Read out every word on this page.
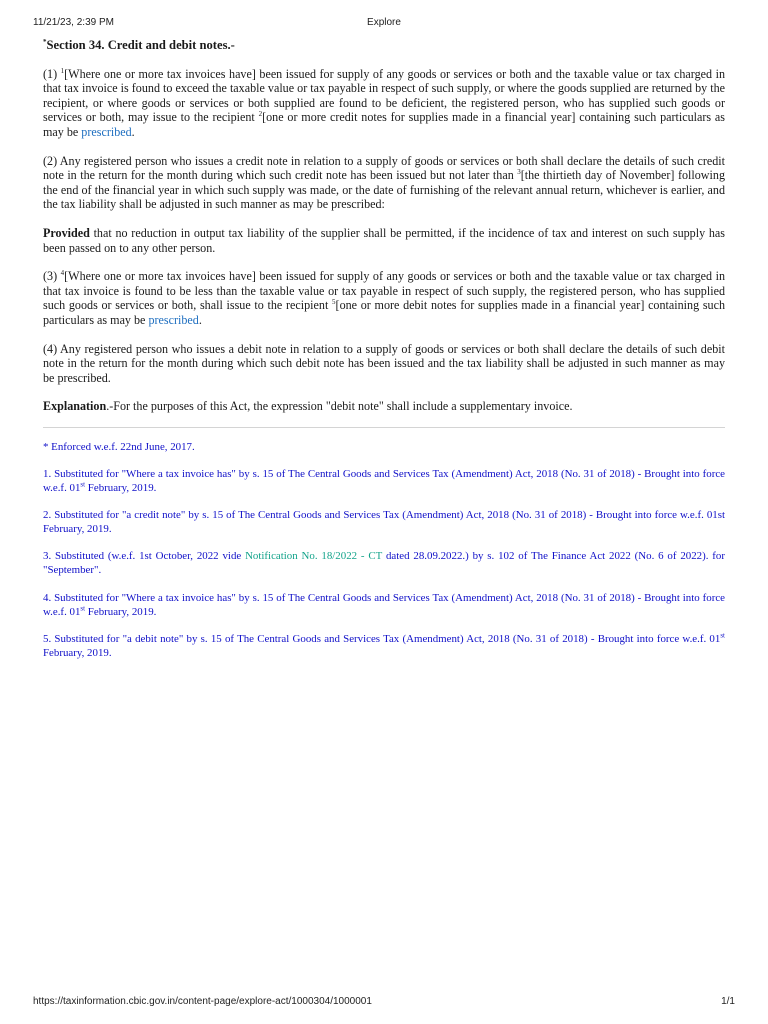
11/21/23, 2:39 PM	Explore
*Section 34. Credit and debit notes.-

(1) $^1$[Where one or more tax invoices have] been issued for supply of any goods or services or both and the taxable value or tax charged in that tax invoice is found to exceed the taxable value or tax payable in respect of such supply, or where the goods supplied are returned by the recipient, or where goods or services or both supplied are found to be deficient, the registered person, who has supplied such goods or services or both, may issue to the recipient $^2$[one or more credit notes for supplies made in a financial year] containing such particulars as may be prescribed.

(2) Any registered person who issues a credit note in relation to a supply of goods or services or both shall declare the details of such credit note in the return for the month during which such credit note has been issued but not later than $^3$[the thirtieth day of November] following the end of the financial year in which such supply was made, or the date of furnishing of the relevant annual return, whichever is earlier, and the tax liability shall be adjusted in such manner as may be prescribed:

Provided that no reduction in output tax liability of the supplier shall be permitted, if the incidence of tax and interest on such supply has been passed on to any other person.

(3) $^4$[Where one or more tax invoices have] been issued for supply of any goods or services or both and the taxable value or tax charged in that tax invoice is found to be less than the taxable value or tax payable in respect of such supply, the registered person, who has supplied such goods or services or both, shall issue to the recipient $^5$[one or more debit notes for supplies made in a financial year] containing such particulars as may be prescribed.

(4) Any registered person who issues a debit note in relation to a supply of goods or services or both shall declare the details of such debit note in the return for the month during which such debit note has been issued and the tax liability shall be adjusted in such manner as may be prescribed.

Explanation.-For the purposes of this Act, the expression "debit note" shall include a supplementary invoice.

* Enforced w.e.f. 22nd June, 2017.

1. Substituted for "Where a tax invoice has" by s. 15 of The Central Goods and Services Tax (Amendment) Act, 2018 (No. 31 of 2018) - Brought into force w.e.f. 01st February, 2019.

2. Substituted for "a credit note" by s. 15 of The Central Goods and Services Tax (Amendment) Act, 2018 (No. 31 of 2018) - Brought into force w.e.f. 01st February, 2019.

3. Substituted (w.e.f. 1st October, 2022 vide Notification No. 18/2022 - CT dated 28.09.2022.) by s. 102 of The Finance Act 2022 (No. 6 of 2022). for "September".

4. Substituted for "Where a tax invoice has" by s. 15 of The Central Goods and Services Tax (Amendment) Act, 2018 (No. 31 of 2018) - Brought into force w.e.f. 01st February, 2019.

5. Substituted for "a debit note" by s. 15 of The Central Goods and Services Tax (Amendment) Act, 2018 (No. 31 of 2018) - Brought into force w.e.f. 01st February, 2019.

https://taxinformation.cbic.gov.in/content-page/explore-act/1000304/1000001	1/1
